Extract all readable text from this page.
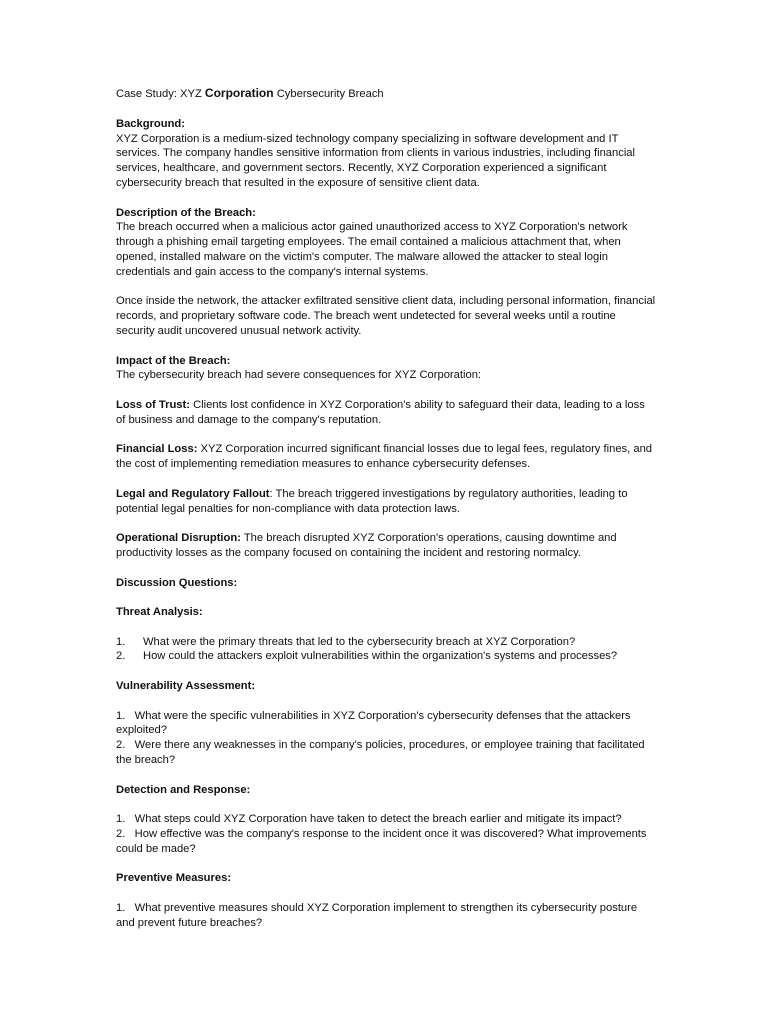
Case Study: XYZ Corporation Cybersecurity Breach
Background:
XYZ Corporation is a medium-sized technology company specializing in software development and IT services. The company handles sensitive information from clients in various industries, including financial services, healthcare, and government sectors. Recently, XYZ Corporation experienced a significant cybersecurity breach that resulted in the exposure of sensitive client data.
Description of the Breach:
The breach occurred when a malicious actor gained unauthorized access to XYZ Corporation's network through a phishing email targeting employees. The email contained a malicious attachment that, when opened, installed malware on the victim's computer. The malware allowed the attacker to steal login credentials and gain access to the company's internal systems.

Once inside the network, the attacker exfiltrated sensitive client data, including personal information, financial records, and proprietary software code. The breach went undetected for several weeks until a routine security audit uncovered unusual network activity.

Impact of the Breach:
The cybersecurity breach had severe consequences for XYZ Corporation:

Loss of Trust: Clients lost confidence in XYZ Corporation's ability to safeguard their data, leading to a loss of business and damage to the company's reputation.

Financial Loss: XYZ Corporation incurred significant financial losses due to legal fees, regulatory fines, and the cost of implementing remediation measures to enhance cybersecurity defenses.

Legal and Regulatory Fallout: The breach triggered investigations by regulatory authorities, leading to potential legal penalties for non-compliance with data protection laws.

Operational Disruption: The breach disrupted XYZ Corporation's operations, causing downtime and productivity losses as the company focused on containing the incident and restoring normalcy.

Discussion Questions:

Threat Analysis:

1. What were the primary threats that led to the cybersecurity breach at XYZ Corporation?
2. How could the attackers exploit vulnerabilities within the organization's systems and processes?

Vulnerability Assessment:

1. What were the specific vulnerabilities in XYZ Corporation's cybersecurity defenses that the attackers exploited?
2. Were there any weaknesses in the company's policies, procedures, or employee training that facilitated the breach?

Detection and Response:

1. What steps could XYZ Corporation have taken to detect the breach earlier and mitigate its impact?
2. How effective was the company's response to the incident once it was discovered? What improvements could be made?

Preventive Measures:

1. What preventive measures should XYZ Corporation implement to strengthen its cybersecurity posture and prevent future breaches?
